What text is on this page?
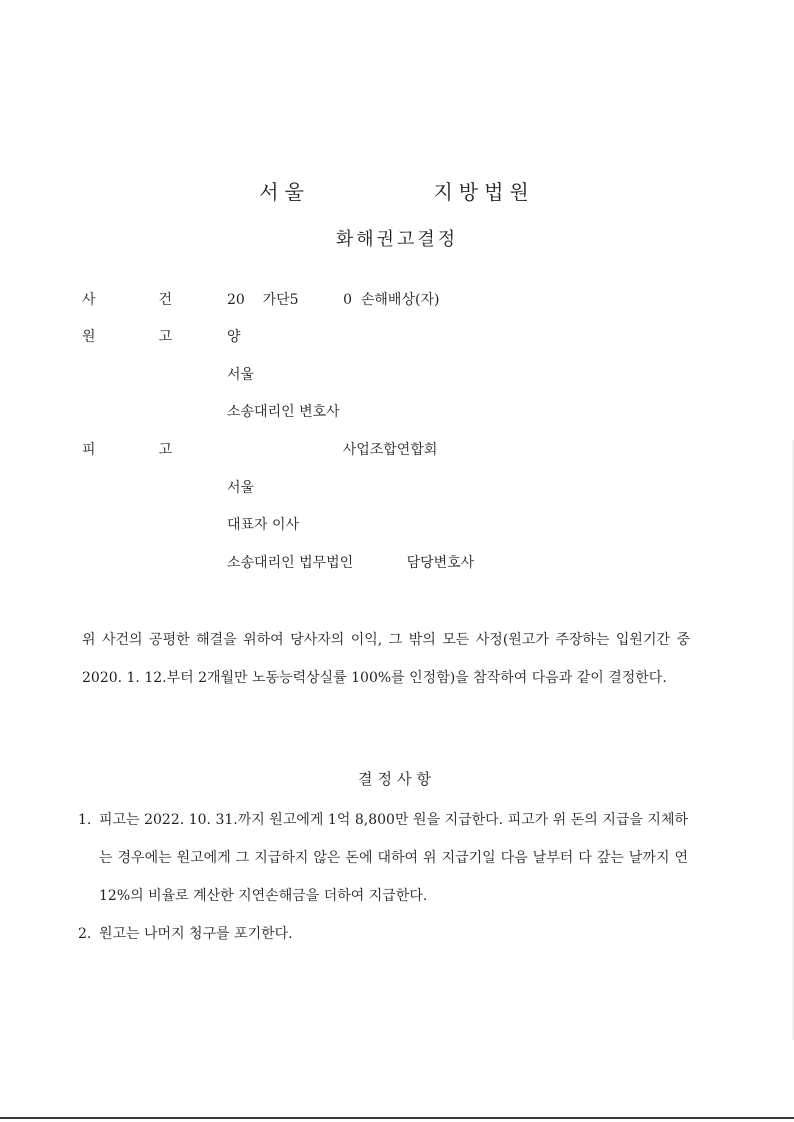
서울          지방법원
화해권고결정
사	건	20    가단5          0  손해배상(자)
원	고	양
서울
소송대리인 변호사
피	고	사업조합연합회
서울
대표자 이사
소송대리인 법무법인            담당변호사
위 사건의 공평한 해결을 위하여 당사자의 이익, 그 밖의 모든 사정(원고가 주장하는 입원기간 중 2020. 1. 12.부터 2개월만 노동능력상실률 100%를 인정함)을 참작하여 다음과 같이 결정한다.
결정사항
1. 피고는 2022. 10. 31.까지 원고에게 1억 8,800만 원을 지급한다. 피고가 위 돈의 지급을 지체하는 경우에는 원고에게 그 지급하지 않은 돈에 대하여 위 지급기일 다음 날부터 다 갚는 날까지 연 12%의 비율로 계산한 지연손해금을 더하여 지급한다.
2. 원고는 나머지 청구를 포기한다.
